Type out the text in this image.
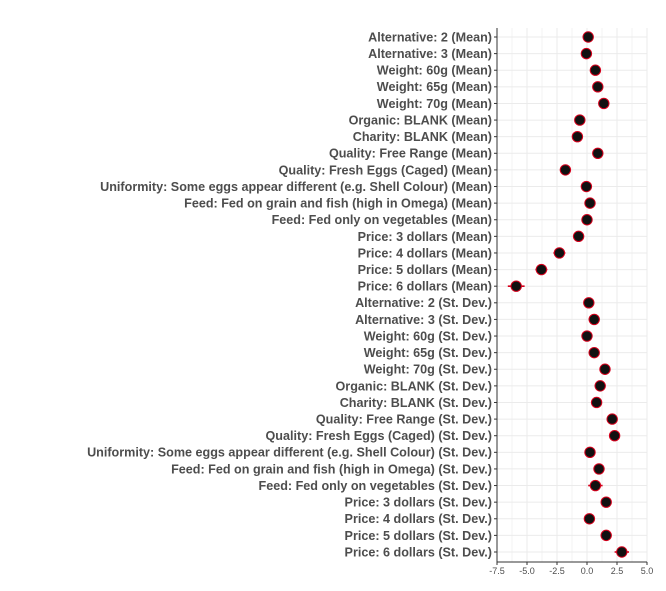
Alternative: 2 (Mean)
Alternative: 3 (Mean)
Weight: 60g (Mean)
Weight: 65g (Mean)
Weight: 70g (Mean)
Organic: BLANK (Mean)
Charity: BLANK (Mean)
Quality: Free Range (Mean)
Quality: Fresh Eggs (Caged) (Mean)
Uniformity: Some eggs appear different (e.g. Shell Colour) (Mean)
Feed: Fed on grain and fish (high in Omega) (Mean)
Feed: Fed only on vegetables (Mean)
Price: 3 dollars (Mean)
Price: 4 dollars (Mean)
Price: 5 dollars (Mean)
Price: 6 dollars (Mean)
Alternative: 2 (St. Dev.)
Alternative: 3 (St. Dev.)
Weight: 60g (St. Dev.)
Weight: 65g (St. Dev.)
Weight: 70g (St. Dev.)
Organic: BLANK (St. Dev.)
Charity: BLANK (St. Dev.)
Quality: Free Range (St. Dev.)
Quality: Fresh Eggs (Caged) (St. Dev.)
Uniformity: Some eggs appear different (e.g. Shell Colour) (St. Dev.)
Feed: Fed on grain and fish (high in Omega) (St. Dev.)
Feed: Fed only on vegetables (St. Dev.)
Price: 3 dollars (St. Dev.)
Price: 4 dollars (St. Dev.)
Price: 5 dollars (St. Dev.)
Price: 6 dollars (St. Dev.)
-7.5 -5.0 -2.5 0.0 2.5 5.0
